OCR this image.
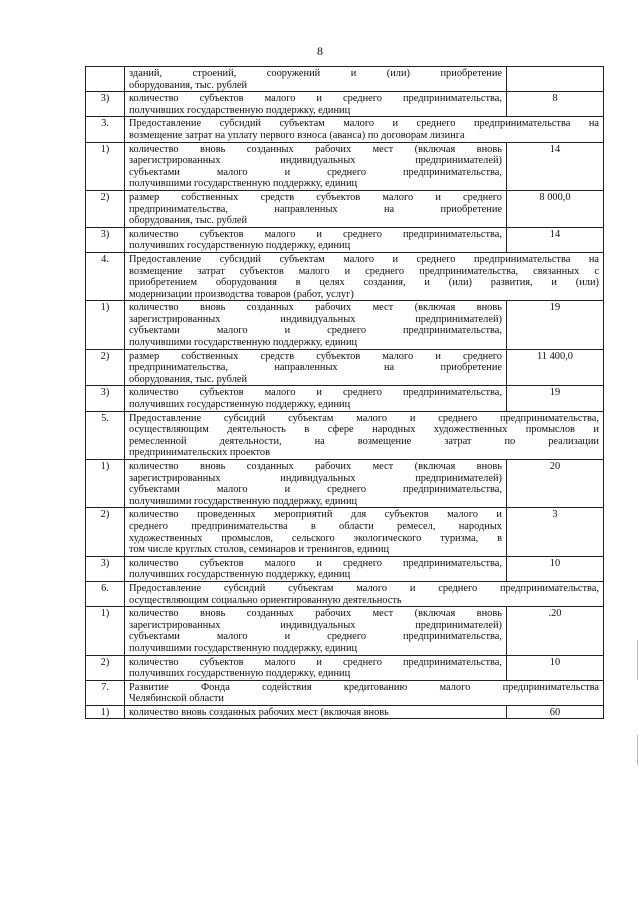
8

	зданий, строений, сооружений и (или) приобретение
оборудования, тыс. рублей	

3)	количество субъектов малого и среднего предпринимательства,
получивших государственную поддержку, единиц	8
3.	Предоставление субсидий субъектам малого и среднего предпринимательства на
возмещение затрат на уплату первого взноса (аванса) по договорам лизинга	

1)	количество вновь созданных рабочих мест (включая вновь
зарегистрированных индивидуальных предпринимателей)
субъектами малого и среднего предпринимательства,
получившими государственную поддержку, единиц	14
2)	размер собственных средств субъектов малого и среднего
предпринимательства, направленных на приобретение
оборудования, тыс. рублей	8 000,0
3)	количество субъектов малого и среднего предпринимательства,
получивших государственную поддержку, единиц	14
4.	Предоставление субсидий субъектам малого и среднего предпринимательства на
возмещение затрат субъектов малого и среднего предпринимательства, связанных с
приобретением оборудования в целях создания, и (или) развития, и (или)
модернизации производства товаров (работ, услуг)	

1)	количество вновь созданных рабочих мест (включая вновь
зарегистрированных индивидуальных предпринимателей)
субъектами малого и среднего предпринимательства,
получившими государственную поддержку, единиц	19
2)	размер собственных средств субъектов малого и среднего
предпринимательства, направленных на приобретение
оборудования, тыс. рублей	11 400,0
3)	количество субъектов малого и среднего предпринимательства,
получивших государственную поддержку, единиц	19
5.	Предоставление субсидий субъектам малого и среднего предпринимательства,
осуществляющим деятельность в сфере народных художественных промыслов и
ремесленной деятельности, на возмещение затрат по реализации
предпринимательских проектов	

1)	количество вновь созданных рабочих мест (включая вновь
зарегистрированных индивидуальных предпринимателей)
субъектами малого и среднего предпринимательства,
получившими государственную поддержку, единиц	20
2)	количество проведенных мероприятий для субъектов малого и
среднего предпринимательства в области ремесел, народных
художественных промыслов, сельского экологического туризма, в
том числе круглых столов, семинаров и тренингов, единиц	3
3)	количество субъектов малого и среднего предпринимательства,
получивших государственную поддержку, единиц	10
6.	Предоставление субсидий субъектам малого и среднего предпринимательства,
осуществляющим социально ориентированную деятельность	

1)	количество вновь созданных рабочих мест (включая вновь
зарегистрированных индивидуальных предпринимателей)
субъектами малого и среднего предпринимательства,
получившими государственную поддержку, единиц	.20
2)	количество субъектов малого и среднего предпринимательства,
получивших государственную поддержку, единиц	10
7.	Развитие Фонда содействия кредитованию малого предпринимательства
Челябинской области	

1)	количество вновь созданных рабочих мест (включая вновь	60
